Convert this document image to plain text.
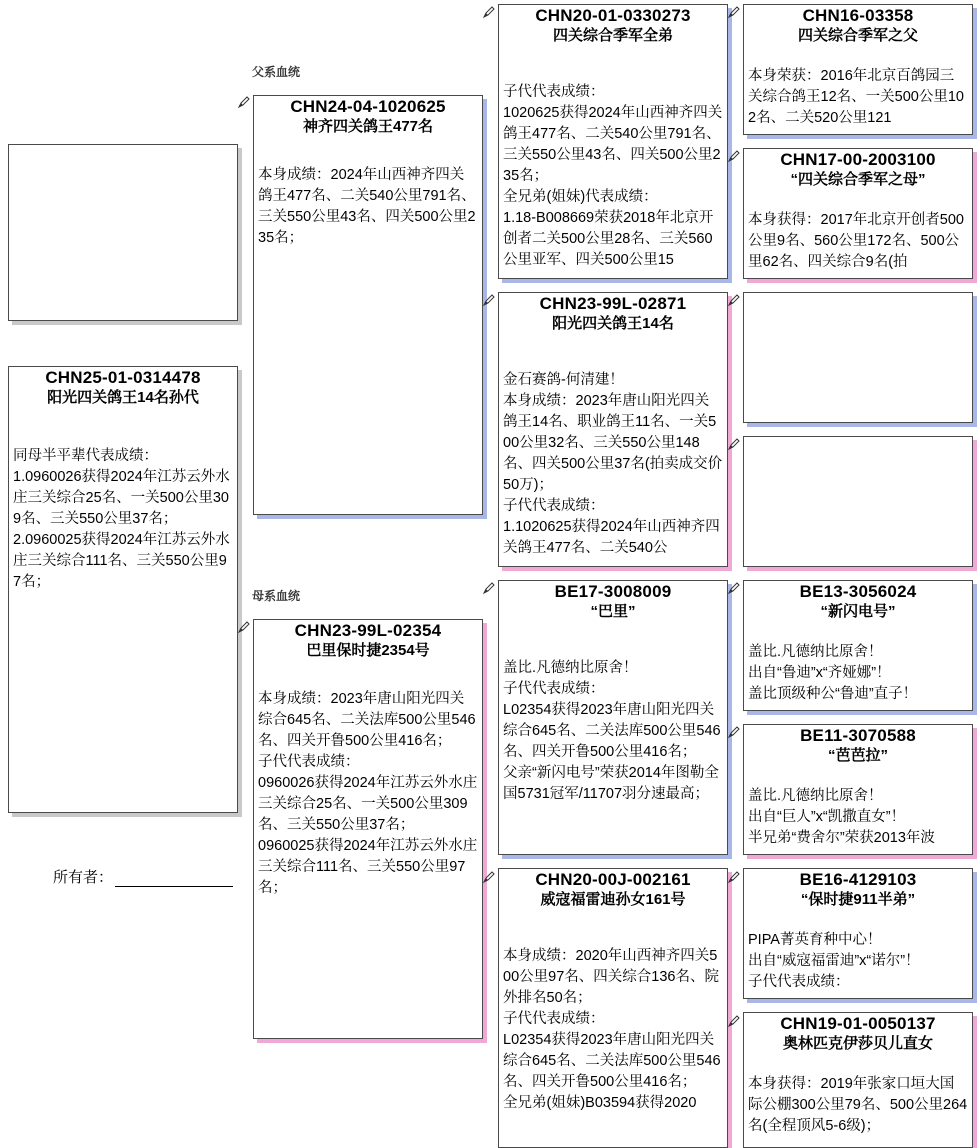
父系血统
母系血统
CHN25-01-0314478
阳光四关鸽王14名孙代
同母半平辈代表成绩：
1.0960026获得2024年江苏云外水庄三关综合25名、一关500公里309名、三关550公里37名；
2.0960025获得2024年江苏云外水庄三关综合111名、三关550公里97名；
所有者：
CHN24-04-1020625
神齐四关鸽王477名
本身成绩：2024年山西神齐四关鸽王477名、二关540公里791名、三关550公里43名、四关500公里235名；
CHN23-99L-02354
巴里保时捷2354号
本身成绩：2023年唐山阳光四关综合645名、二关法库500公里546名、四关开鲁500公里416名；
子代代表成绩：
0960026获得2024年江苏云外水庄三关综合25名、一关500公里309名、三关550公里37名；
0960025获得2024年江苏云外水庄三关综合111名、三关550公里97名；
CHN20-01-0330273
四关综合季军全弟
子代代表成绩：
1020625获得2024年山西神齐四关鸽王477名、二关540公里791名、三关550公里43名、四关500公里235名；
全兄弟(姐妹)代表成绩：
1.18-B008669荣获2018年北京开创者二关500公里28名、三关560公里亚军、四关500公里15
CHN23-99L-02871
阳光四关鸽王14名
金石赛鸽-何清建！
本身成绩：2023年唐山阳光四关鸽王14名、职业鸽王11名、一关500公里32名、三关550公里148名、四关500公里37名(拍卖成交价50万)；
子代代表成绩：
1.1020625获得2024年山西神齐四关鸽王477名、二关540公
BE17-3008009
“巴里”
盖比.凡德纳比原舍！
子代代表成绩：
L02354获得2023年唐山阳光四关综合645名、二关法库500公里546名、四关开鲁500公里416名；
父亲“新闪电号”荣获2014年图勒全国5731冠军/11707羽分速最高；
CHN20-00J-002161
威寇福雷迪孙女161号
本身成绩：2020年山西神齐四关500公里97名、四关综合136名、院外排名50名；
子代代表成绩：
L02354获得2023年唐山阳光四关综合645名、二关法库500公里546名、四关开鲁500公里416名；
全兄弟(姐妹)B03594获得2020
CHN16-03358
四关综合季军之父
本身荣获：2016年北京百鸽园三关综合鸽王12名、一关500公里102名、二关520公里121
CHN17-00-2003100
“四关综合季军之母”
本身获得：2017年北京开创者500公里9名、560公里172名、500公里62名、四关综合9名(拍
BE13-3056024
“新闪电号”
盖比.凡德纳比原舍！
出自“鲁迪”x“齐娅娜”！
盖比顶级种公“鲁迪”直子！
BE11-3070588
“芭芭拉”
盖比.凡德纳比原舍！
出自“巨人”x“凯撒直女”！
半兄弟“费舍尔”荣获2013年波
BE16-4129103
“保时捷911半弟”
PIPA菁英育种中心！
出自“威寇福雷迪”x“诺尔”！
子代代表成绩：
CHN19-01-0050137
奥林匹克伊莎贝儿直女
本身获得：2019年张家口垣大国际公棚300公里79名、500公里264名(全程顶风5-6级)；
